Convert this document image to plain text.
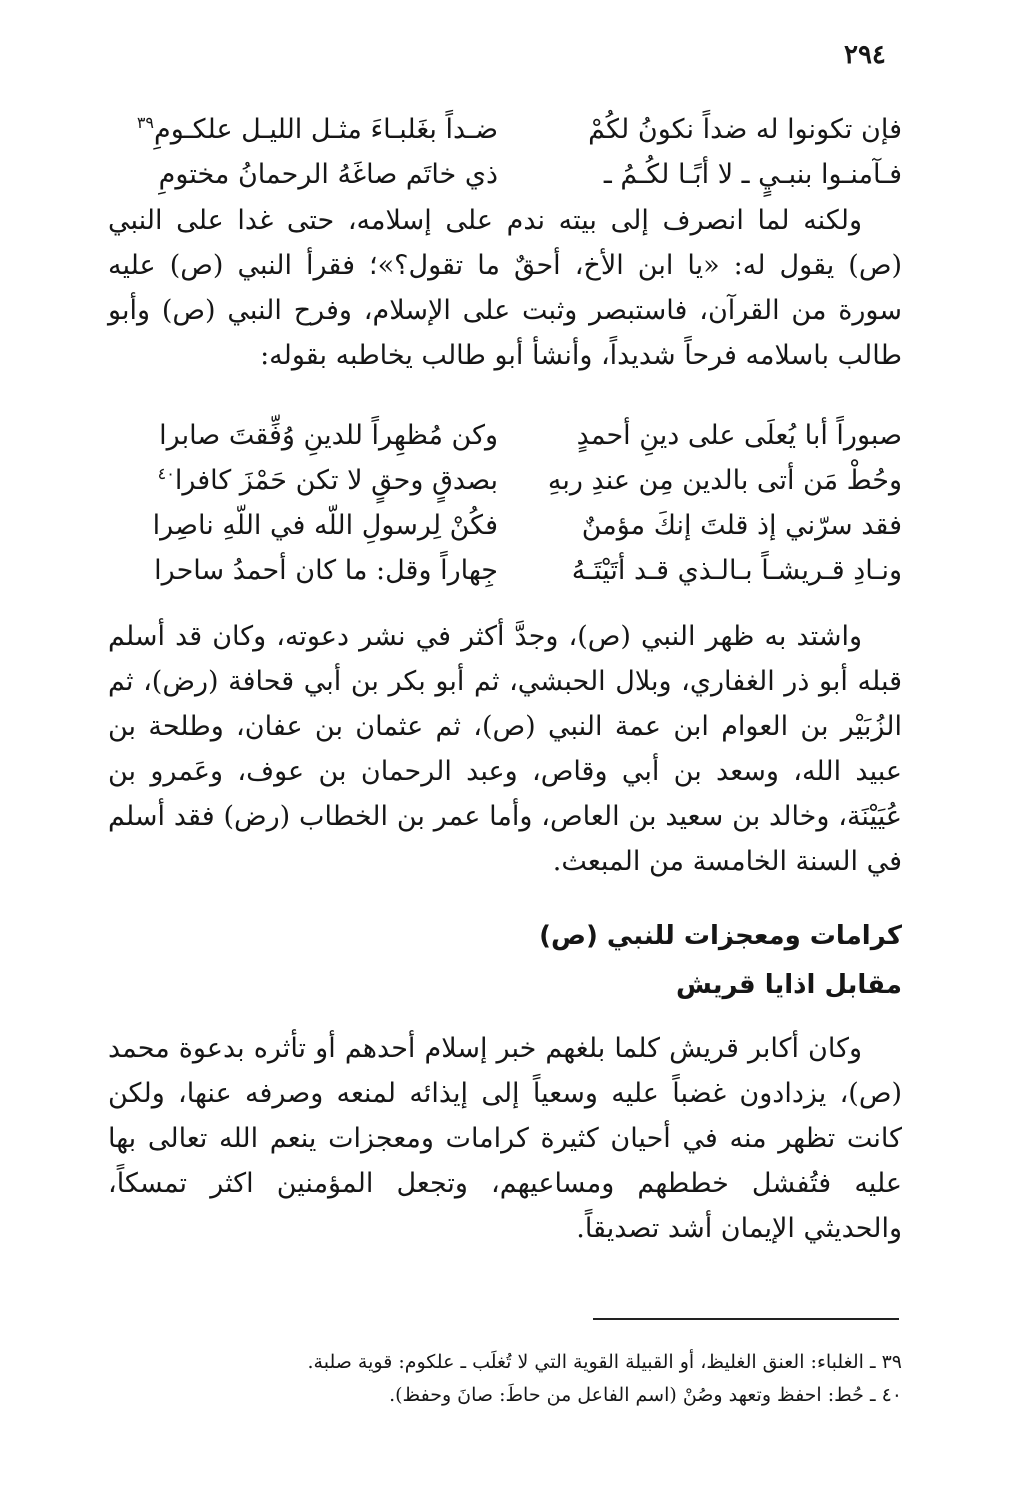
٢٩٤
فإن تكونوا له ضداً نكونُ لكُمْ
ضـداً بغَلبـاءَ مثـل الليـل علكـومِ$^{٣٩}$
فـآمنـوا بنبـيٍ ـ لا أبًـا لكُـمُ ـ
ذي خاتَم صاغَهُ الرحمانُ مختومِ

ولكنه لما انصرف إلى بيته ندم على إسلامه، حتى غدا على النبي (ص) يقول له: «يا ابن الأخ، أحقٌ ما تقول؟»؛ فقرأ النبي (ص) عليه سورة من القرآن، فاستبصر وثبت على الإسلام، وفرح النبي (ص) وأبو طالب باسلامه فرحاً شديداً، وأنشأ أبو طالب يخاطبه بقوله:

صبوراً أبا يُعلَى على دينِ أحمدٍ
وكن مُظهِراً للدينِ وُفِّقتَ صابرا
وحُطْ مَن أتى بالدين مِن عندِ ربهِ
بصدقٍ وحقٍ لا تكن حَمْزَ كافرا$^{٤٠}$
فقد سرّني إذ قلتَ إنكَ مؤمنٌ
فكُنْ لِرسولِ اللّه في اللّهِ ناصِرا
ونـادِ قـريشـاً بـالـذي قـد أتَيْتَـهُ
جِهاراً وقل: ما كان أحمدُ ساحرا

واشتد به ظهر النبي (ص)، وجدَّ أكثر في نشر دعوته، وكان قد أسلم قبله أبو ذر الغفاري، وبلال الحبشي، ثم أبو بكر بن أبي قحافة (رض)، ثم الزُبَيْر بن العوام ابن عمة النبي (ص)، ثم عثمان بن عفان، وطلحة بن عبيد الله، وسعد بن أبي وقاص، وعبد الرحمان بن عوف، وعَمرو بن عُيَيْنَة، وخالد بن سعيد بن العاص، وأما عمر بن الخطاب (رض) فقد أسلم في السنة الخامسة من المبعث.

كرامات ومعجزات للنبي (ص)
مقابل اذايا قريش

وكان أكابر قريش كلما بلغهم خبر إسلام أحدهم أو تأثره بدعوة محمد (ص)، يزدادون غضباً عليه وسعياً إلى إيذائه لمنعه وصرفه عنها، ولكن كانت تظهر منه في أحيان كثيرة كرامات ومعجزات ينعم الله تعالى بها عليه فتُفشل خططهم ومساعيهم، وتجعل المؤمنين اكثر تمسكاً، والحديثي الإيمان أشد تصديقاً.

٣٩ ـ الغلباء: العنق الغليظ، أو القبيلة القوية التي لا تُغلَب ـ علكوم: قوية صلبة.
٤٠ ـ حُط: احفظ وتعهد وصُنْ (اسم الفاعل من حاطَ: صانَ وحفظ).
